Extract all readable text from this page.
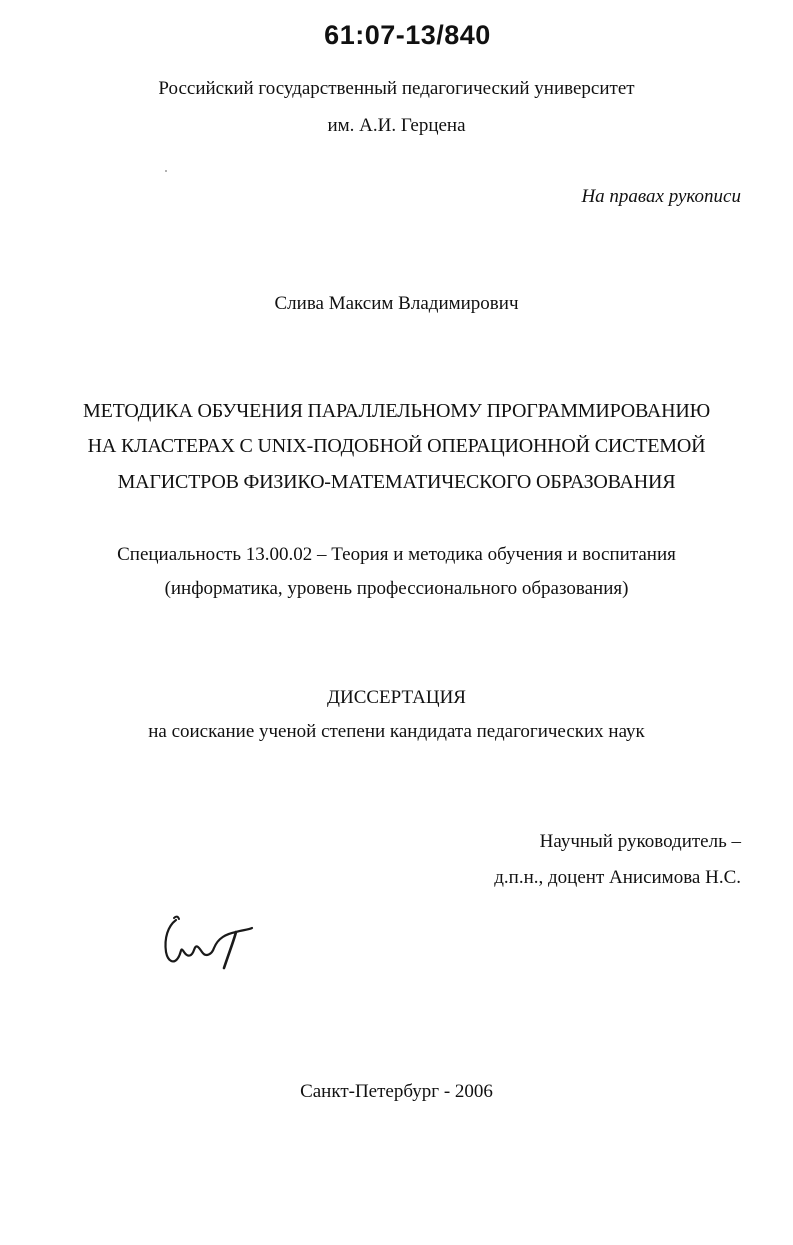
61:07-13/840
Российский государственный педагогический университет
им. А.И. Герцена
На правах рукописи
Слива Максим Владимирович
МЕТОДИКА ОБУЧЕНИЯ ПАРАЛЛЕЛЬНОМУ ПРОГРАММИРОВАНИЮ
НА КЛАСТЕРАХ С UNIX-ПОДОБНОЙ ОПЕРАЦИОННОЙ СИСТЕМОЙ
МАГИСТРОВ ФИЗИКО-МАТЕМАТИЧЕСКОГО ОБРАЗОВАНИЯ
Специальность 13.00.02 – Теория и методика обучения и воспитания
(информатика, уровень профессионального образования)
ДИССЕРТАЦИЯ
на соискание ученой степени кандидата педагогических наук
Научный руководитель –
д.п.н., доцент Анисимова Н.С.
Санкт-Петербург - 2006
